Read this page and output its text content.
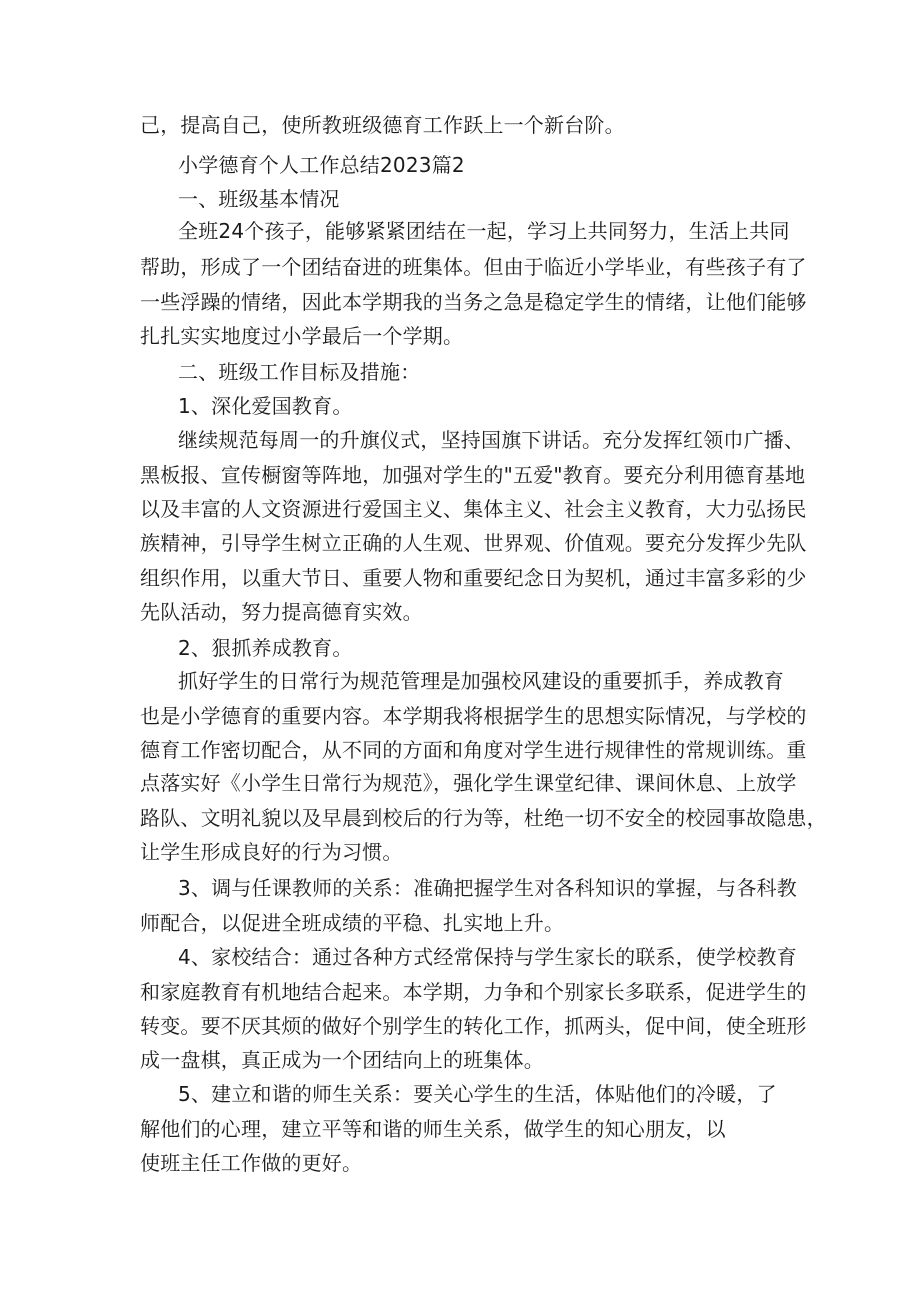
己，提高自己，使所教班级德育工作跃上一个新台阶。
小学德育个人工作总结2023篇2
一、班级基本情况
全班24个孩子，能够紧紧团结在一起，学习上共同努力，生活上共同
帮助，形成了一个团结奋进的班集体。但由于临近小学毕业，有些孩子有了
一些浮躁的情绪，因此本学期我的当务之急是稳定学生的情绪，让他们能够
扎扎实实地度过小学最后一个学期。
二、班级工作目标及措施：
1、深化爱国教育。
继续规范每周一的升旗仪式，坚持国旗下讲话。充分发挥红领巾广播、
黑板报、宣传橱窗等阵地，加强对学生的"五爱"教育。要充分利用德育基地
以及丰富的人文资源进行爱国主义、集体主义、社会主义教育，大力弘扬民
族精神，引导学生树立正确的人生观、世界观、价值观。要充分发挥少先队
组织作用，以重大节日、重要人物和重要纪念日为契机，通过丰富多彩的少
先队活动，努力提高德育实效。
2、狠抓养成教育。
抓好学生的日常行为规范管理是加强校风建设的重要抓手，养成教育
也是小学德育的重要内容。本学期我将根据学生的思想实际情况，与学校的
德育工作密切配合，从不同的方面和角度对学生进行规律性的常规训练。重
点落实好《小学生日常行为规范》，强化学生课堂纪律、课间休息、上放学
路队、文明礼貌以及早晨到校后的行为等，杜绝一切不安全的校园事故隐患，
让学生形成良好的行为习惯。
3、调与任课教师的关系：准确把握学生对各科知识的掌握，与各科教
师配合，以促进全班成绩的平稳、扎实地上升。
4、家校结合：通过各种方式经常保持与学生家长的联系，使学校教育
和家庭教育有机地结合起来。本学期，力争和个别家长多联系，促进学生的
转变。要不厌其烦的做好个别学生的转化工作，抓两头，促中间，使全班形
成一盘棋，真正成为一个团结向上的班集体。
5、建立和谐的师生关系：要关心学生的生活，体贴他们的冷暖，了
解他们的心理，建立平等和谐的师生关系，做学生的知心朋友，以
使班主任工作做的更好。
